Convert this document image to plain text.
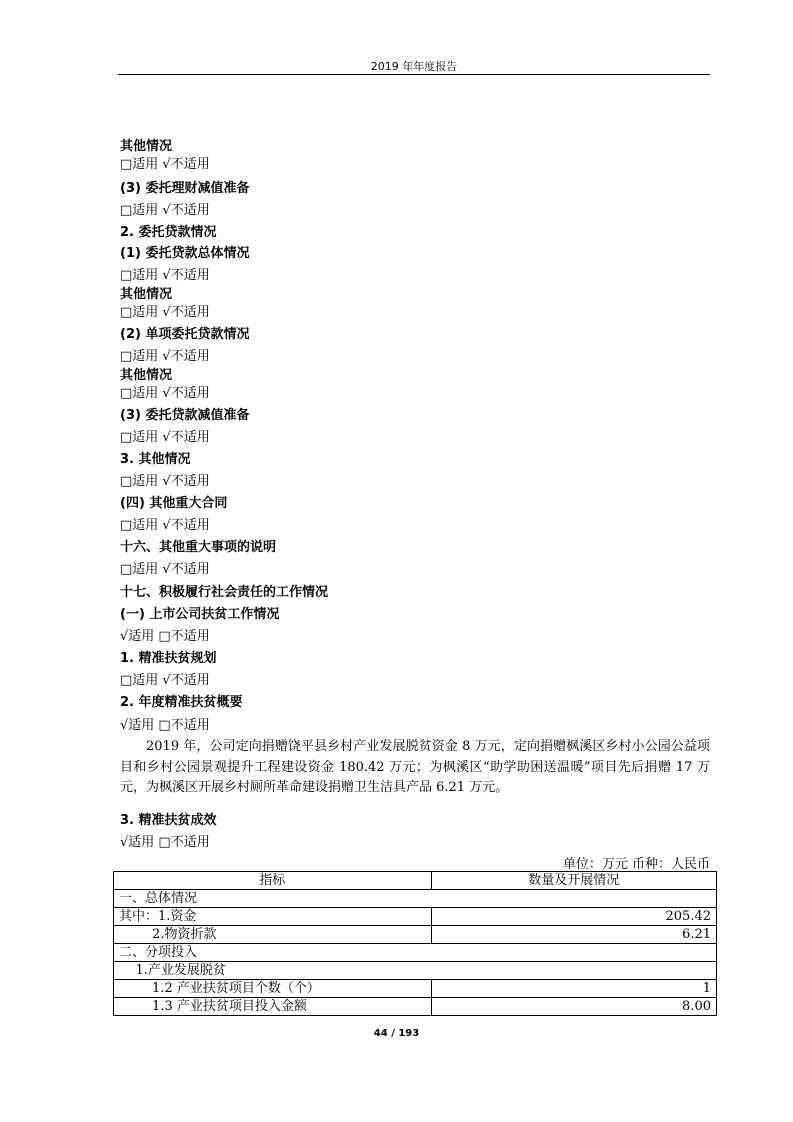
2019 年年度报告
其他情况
□适用 √不适用
(3) 委托理财减值准备
□适用 √不适用
2. 委托贷款情况
(1) 委托贷款总体情况
□适用 √不适用
其他情况
□适用 √不适用
(2) 单项委托贷款情况
□适用 √不适用
其他情况
□适用 √不适用
(3) 委托贷款减值准备
□适用 √不适用
3. 其他情况
□适用 √不适用
(四) 其他重大合同
□适用 √不适用
十六、其他重大事项的说明
□适用 √不适用
十七、积极履行社会责任的工作情况
(一) 上市公司扶贫工作情况
√适用 □不适用
1. 精准扶贫规划
□适用 √不适用
2. 年度精准扶贫概要
√适用 □不适用
3. 精准扶贫成效
√适用 □不适用
2019 年，公司定向捐赠饶平县乡村产业发展脱贫资金 8 万元，定向捐赠枫溪区乡村小公园公益项目和乡村公园景观提升工程建设资金 180.42 万元；为枫溪区“助学助困送温暖”项目先后捐赠 17 万元，为枫溪区开展乡村厕所革命建设捐赠卫生洁具产品 6.21 万元。
单位：万元 币种：人民币
指标	数量及开展情况
一、总体情况	
其中：1.资金	205.42
2.物资折款	6.21
二、分项投入	
1.产业发展脱贫	
1.2 产业扶贫项目个数（个）	1
1.3 产业扶贫项目投入金额	8.00
44 / 193
